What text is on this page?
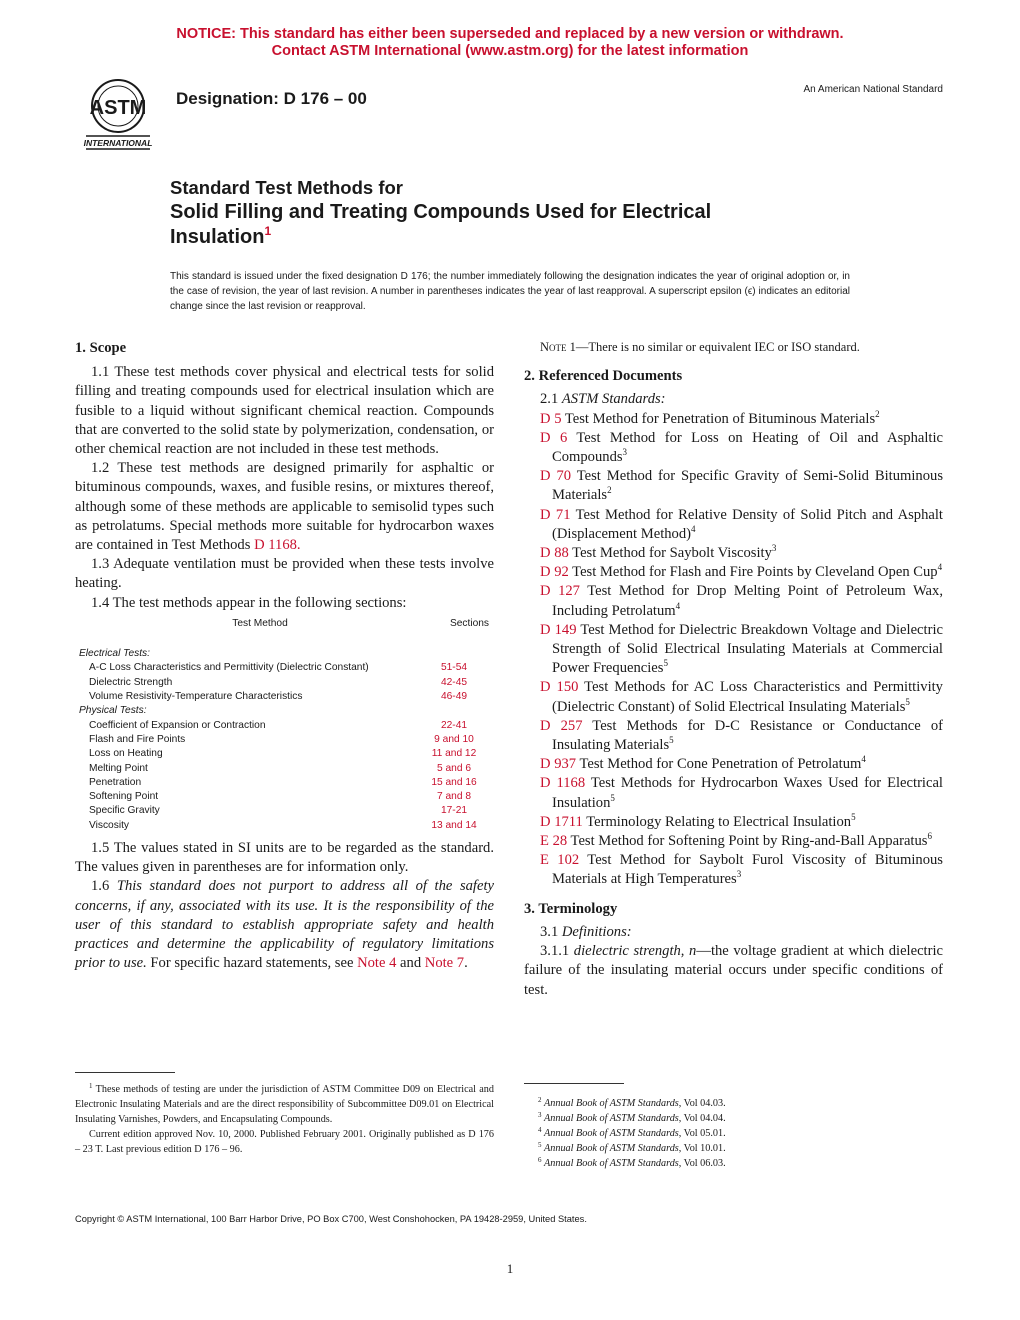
NOTICE: This standard has either been superseded and replaced by a new version or withdrawn.
Contact ASTM International (www.astm.org) for the latest information
ASTM
INTERNATIONAL
Designation: D 176 – 00	An American National Standard
Standard Test Methods for
Solid Filling and Treating Compounds Used for Electrical
Insulation$^1$
This standard is issued under the fixed designation D 176; the number immediately following the designation indicates the year of original adoption or, in the case of revision, the year of last revision. A number in parentheses indicates the year of last reapproval. A superscript epsilon (ϵ) indicates an editorial change since the last revision or reapproval.
1. Scope

1.1 These test methods cover physical and electrical tests for solid filling and treating compounds used for electrical insulation which are fusible to a liquid without significant chemical reaction. Compounds that are converted to the solid state by polymerization, condensation, or other chemical reaction are not included in these test methods.

1.2 These test methods are designed primarily for asphaltic or bituminous compounds, waxes, and fusible resins, or mixtures thereof, although some of these methods are applicable to semisolid types such as petrolatums. Special methods more suitable for hydrocarbon waxes are contained in Test Methods D 1168.

1.3 Adequate ventilation must be provided when these tests involve heating.

1.4 The test methods appear in the following sections:

Test Method	Sections
Electrical Tests:
A-C Loss Characteristics and Permittivity (Dielectric Constant)	51-54
Dielectric Strength	42-45
Volume Resistivity-Temperature Characteristics	46-49
Physical Tests:
Coefficient of Expansion or Contraction	22-41
Flash and Fire Points	9 and 10
Loss on Heating	11 and 12
Melting Point	5 and 6
Penetration	15 and 16
Softening Point	7 and 8
Specific Gravity	17-21
Viscosity	13 and 14

1.5 The values stated in SI units are to be regarded as the standard. The values given in parentheses are for information only.

1.6 This standard does not purport to address all of the safety concerns, if any, associated with its use. It is the responsibility of the user of this standard to establish appropriate safety and health practices and determine the applicability of regulatory limitations prior to use. For specific hazard statements, see Note 4 and Note 7.

Note 1—There is no similar or equivalent IEC or ISO standard.
2. Referenced Documents

2.1 ASTM Standards:

D 5 Test Method for Penetration of Bituminous Materials$^2$

D 6 Test Method for Loss on Heating of Oil and Asphaltic Compounds$^3$

D 70 Test Method for Specific Gravity of Semi-Solid Bituminous Materials$^2$

D 71 Test Method for Relative Density of Solid Pitch and Asphalt (Displacement Method)$^4$

D 88 Test Method for Saybolt Viscosity$^3$

D 92 Test Method for Flash and Fire Points by Cleveland Open Cup$^4$

D 127 Test Method for Drop Melting Point of Petroleum Wax, Including Petrolatum$^4$

D 149 Test Method for Dielectric Breakdown Voltage and Dielectric Strength of Solid Electrical Insulating Materials at Commercial Power Frequencies$^5$

D 150 Test Methods for AC Loss Characteristics and Permittivity (Dielectric Constant) of Solid Electrical Insulating Materials$^5$

D 257 Test Methods for D-C Resistance or Conductance of Insulating Materials$^5$

D 937 Test Method for Cone Penetration of Petrolatum$^4$

D 1168 Test Methods for Hydrocarbon Waxes Used for Electrical Insulation$^5$

D 1711 Terminology Relating to Electrical Insulation$^5$

E 28 Test Method for Softening Point by Ring-and-Ball Apparatus$^6$

E 102 Test Method for Saybolt Furol Viscosity of Bituminous Materials at High Temperatures$^3$

3. Terminology

3.1 Definitions:

3.1.1 dielectric strength, n—the voltage gradient at which dielectric failure of the insulating material occurs under specific conditions of test.

$^1$ These methods of testing are under the jurisdiction of ASTM Committee D09 on Electrical and Electronic Insulating Materials and are the direct responsibility of Subcommittee D09.01 on Electrical Insulating Varnishes, Powders, and Encapsulating Compounds.

Current edition approved Nov. 10, 2000. Published February 2001. Originally published as D 176 – 23 T. Last previous edition D 176 – 96.

$^2$ Annual Book of ASTM Standards, Vol 04.03.
$^3$ Annual Book of ASTM Standards, Vol 04.04.
$^4$ Annual Book of ASTM Standards, Vol 05.01.
$^5$ Annual Book of ASTM Standards, Vol 10.01.
$^6$ Annual Book of ASTM Standards, Vol 06.03.
Copyright © ASTM International, 100 Barr Harbor Drive, PO Box C700, West Conshohocken, PA 19428-2959, United States.
1
